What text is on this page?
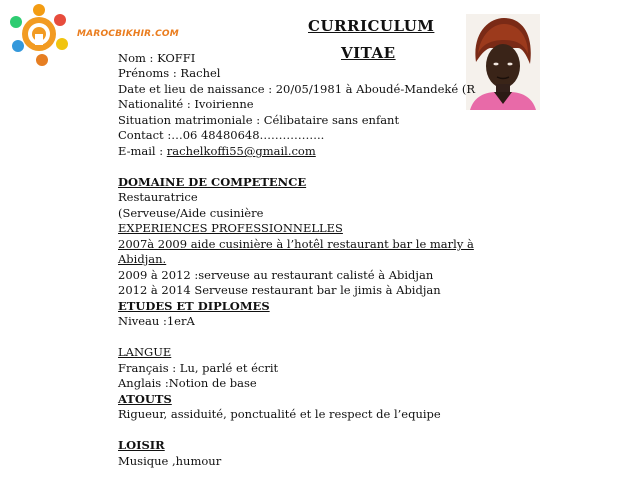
MAROCBIKHIR.COM	CURRICULUM
VITAE
Nom : KOFFI
Prénoms : Rachel
Date et lieu de naissance : 20/05/1981 à Aboudé-Mandeké (R
Nationalité : Ivoirienne
Situation matrimoniale : Célibataire sans enfant
Contact :…06 48480648……………..
E-mail : rachelkoffi55@gmail.com
DOMAINE DE COMPETENCE
Restauratrice
(Serveuse/Aide cusinière
EXPERIENCES PROFESSIONNELLES
2007à 2009 aide cusinière à l’hotêl restaurant bar le marly à
Abidjan.
2009 à 2012 :serveuse au restaurant calisté à Abidjan
2012 à 2014 Serveuse restaurant bar le jimis à Abidjan
ETUDES ET DIPLOMES
Niveau :1erA
LANGUE
Français : Lu, parlé et écrit
Anglais :Notion de base
ATOUTS
Rigueur, assiduité, ponctualité et le respect de l’equipe
LOISIR
Musique ,humour
